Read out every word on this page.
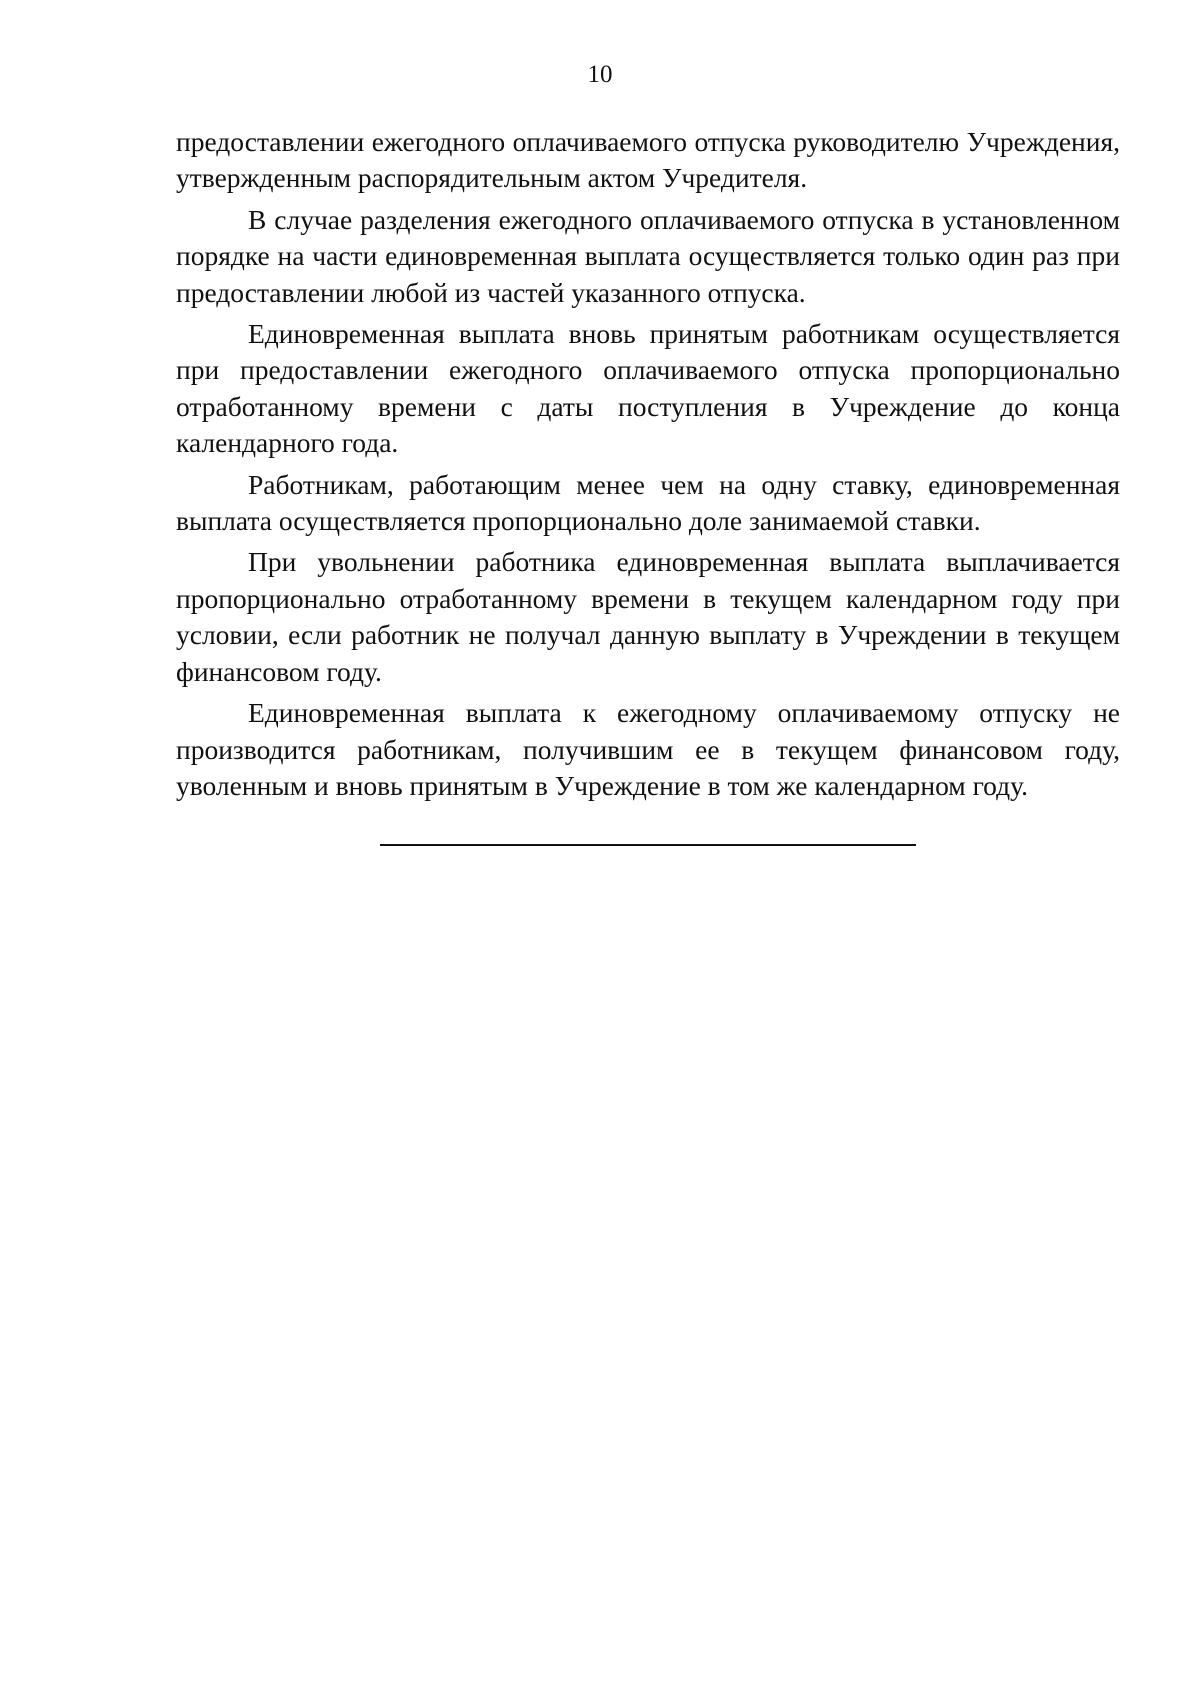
10

предоставлении ежегодного оплачиваемого отпуска руководителю Учреждения, утвержденным распорядительным актом Учредителя.

В случае разделения ежегодного оплачиваемого отпуска в установленном порядке на части единовременная выплата осуществляется только один раз при предоставлении любой из частей указанного отпуска.

Единовременная выплата вновь принятым работникам осуществляется при предоставлении ежегодного оплачиваемого отпуска пропорционально отработанному времени с даты поступления в Учреждение до конца календарного года.

Работникам, работающим менее чем на одну ставку, единовременная выплата осуществляется пропорционально доле занимаемой ставки.

При увольнении работника единовременная выплата выплачивается пропорционально отработанному времени в текущем календарном году при условии, если работник не получал данную выплату в Учреждении в текущем финансовом году.

Единовременная выплата к ежегодному оплачиваемому отпуску не производится работникам, получившим ее в текущем финансовом году, уволенным и вновь принятым в Учреждение в том же календарном году.
